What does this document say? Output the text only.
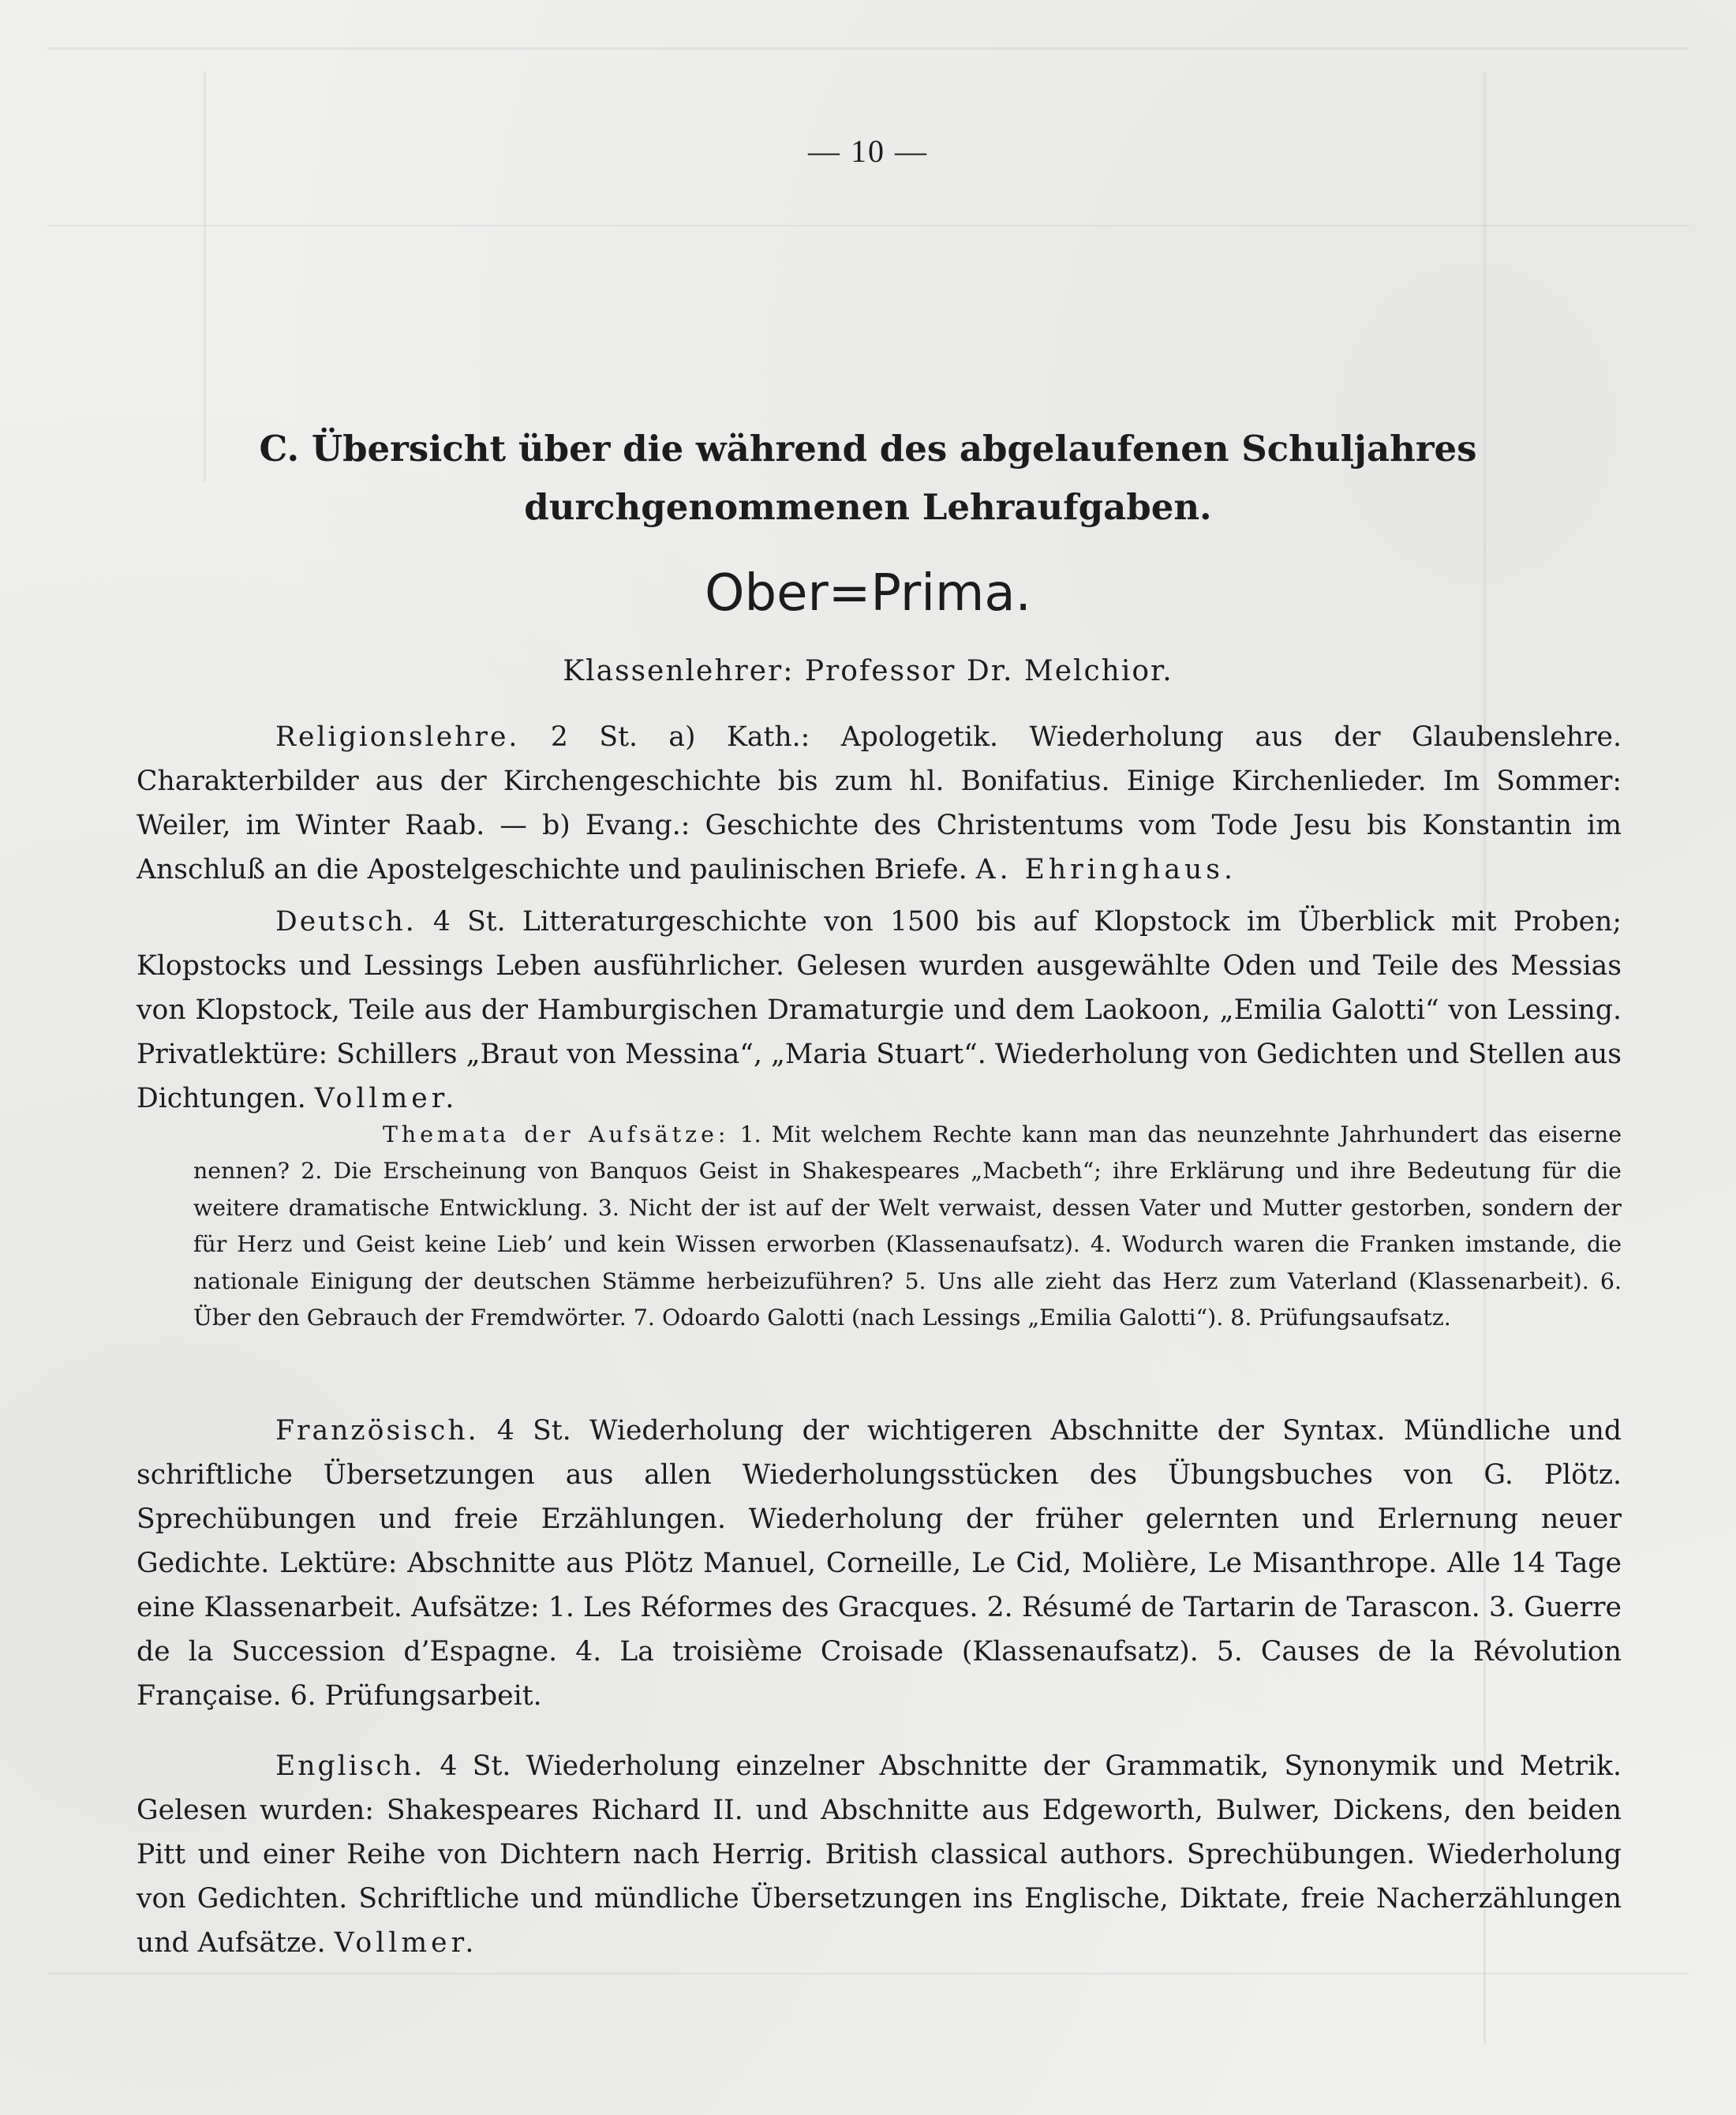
— 10 —
C. Übersicht über die während des abgelaufenen Schuljahres durchgenommenen Lehraufgaben.
Ober=Prima.
Klassenlehrer: Professor Dr. Melchior.

Religionslehre. 2 St. a) Kath.: Apologetik. Wiederholung aus der Glaubenslehre. Charakterbilder aus der Kirchengeschichte bis zum hl. Bonifatius. Einige Kirchenlieder. Im Sommer: Weiler, im Winter Raab. — b) Evang.: Geschichte des Christentums vom Tode Jesu bis Konstantin im Anschluß an die Apostelgeschichte und paulinischen Briefe. A. Ehringhaus.

Deutsch. 4 St. Litteraturgeschichte von 1500 bis auf Klopstock im Überblick mit Proben; Klopstocks und Lessings Leben ausführlicher. Gelesen wurden ausgewählte Oden und Teile des Messias von Klopstock, Teile aus der Hamburgischen Dramaturgie und dem Laokoon, „Emilia Galotti“ von Lessing. Privatlektüre: Schillers „Braut von Messina“, „Maria Stuart“. Wiederholung von Gedichten und Stellen aus Dichtungen. Vollmer.

Themata der Aufsätze: 1. Mit welchem Rechte kann man das neunzehnte Jahrhundert das eiserne nennen? 2. Die Erscheinung von Banquos Geist in Shakespeares „Macbeth“; ihre Erklärung und ihre Bedeutung für die weitere dramatische Entwicklung. 3. Nicht der ist auf der Welt verwaist, dessen Vater und Mutter gestorben, sondern der für Herz und Geist keine Lieb’ und kein Wissen erworben (Klassenaufsatz). 4. Wodurch waren die Franken imstande, die nationale Einigung der deutschen Stämme herbeizuführen? 5. Uns alle zieht das Herz zum Vaterland (Klassenarbeit). 6. Über den Gebrauch der Fremdwörter. 7. Odoardo Galotti (nach Lessings „Emilia Galotti“). 8. Prüfungsaufsatz.

Französisch. 4 St. Wiederholung der wichtigeren Abschnitte der Syntax. Mündliche und schriftliche Übersetzungen aus allen Wiederholungsstücken des Übungsbuches von G. Plötz. Sprechübungen und freie Erzählungen. Wiederholung der früher gelernten und Erlernung neuer Gedichte. Lektüre: Abschnitte aus Plötz Manuel, Corneille, Le Cid, Molière, Le Misanthrope. Alle 14 Tage eine Klassenarbeit. Aufsätze: 1. Les Réformes des Gracques. 2. Résumé de Tartarin de Tarascon. 3. Guerre de la Succession d’Espagne. 4. La troisième Croisade (Klassenaufsatz). 5. Causes de la Révolution Française. 6. Prüfungsarbeit.

Englisch. 4 St. Wiederholung einzelner Abschnitte der Grammatik, Synonymik und Metrik. Gelesen wurden: Shakespeares Richard II. und Abschnitte aus Edgeworth, Bulwer, Dickens, den beiden Pitt und einer Reihe von Dichtern nach Herrig. British classical authors. Sprechübungen. Wiederholung von Gedichten. Schriftliche und mündliche Übersetzungen ins Englische, Diktate, freie Nacherzählungen und Aufsätze. Vollmer.
